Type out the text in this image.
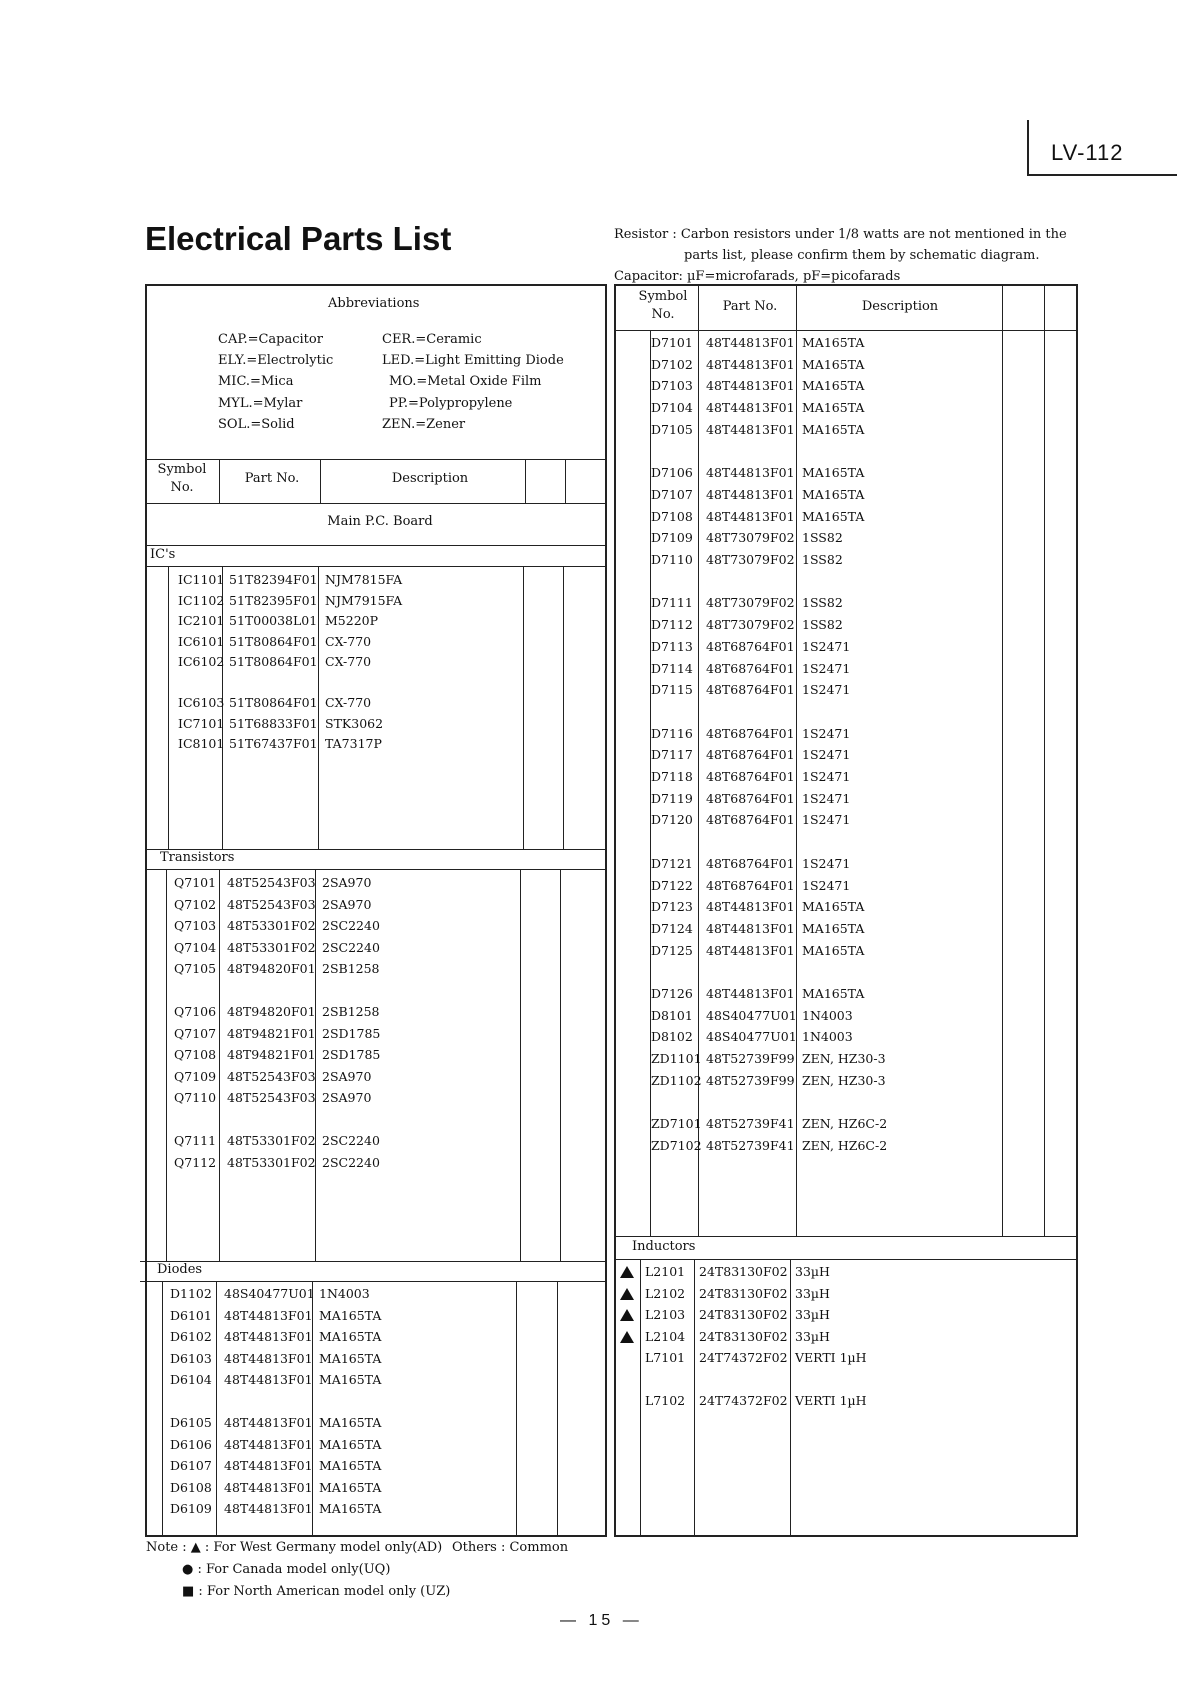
LV-112
Electrical Parts List	Resistor : Carbon resistors under 1/8 watts are not mentioned in the
parts list, please confirm them by schematic diagram.
Capacitor: µF=microfarads, pF=picofarads
Abbreviations
CAP.=Capacitor	CER.=Ceramic
ELY.=Electrolytic	LED.=Light Emitting Diode
MIC.=Mica	MO.=Metal Oxide Film
MYL.=Mylar	PP.=Polypropylene
SOL.=Solid	ZEN.=Zener
Symbol No.
Part No.	Description
Main P.C. Board
IC's
IC1101 51T82394F01 NJM7815FA
IC1102 51T82395F01 NJM7915FA
IC2101 51T00038L01 M5220P
IC6101 51T80864F01 CX-770
IC6102 51T80864F01 CX-770
IC6103 51T80864F01 CX-770
IC7101 51T68833F01 STK3062
IC8101 51T67437F01 TA7317P
Transistors
Q7101 48T52543F03 2SA970
Q7102 48T52543F03 2SA970
Q7103 48T53301F02 2SC2240
Q7104 48T53301F02 2SC2240
Q7105 48T94820F01 2SB1258
Q7106 48T94820F01 2SB1258
Q7107 48T94821F01 2SD1785
Q7108 48T94821F01 2SD1785
Q7109 48T52543F03 2SA970
Q7110 48T52543F03 2SA970
Q7111 48T53301F02 2SC2240
Q7112 48T53301F02 2SC2240
Diodes
D1102 48S40477U01 1N4003
D6101 48T44813F01 MA165TA
D6102 48T44813F01 MA165TA
D6103 48T44813F01 MA165TA
D6104 48T44813F01 MA165TA
D6105 48T44813F01 MA165TA
D6106 48T44813F01 MA165TA
D6107 48T44813F01 MA165TA
D6108 48T44813F01 MA165TA
D6109 48T44813F01 MA165TA
Symbol No.
Part No.	Description
D7101 48T44813F01 MA165TA
D7102 48T44813F01 MA165TA
D7103 48T44813F01 MA165TA
D7104 48T44813F01 MA165TA
D7105 48T44813F01 MA165TA
D7106 48T44813F01 MA165TA
D7107 48T44813F01 MA165TA
D7108 48T44813F01 MA165TA
D7109 48T73079F02 1SS82
D7110 48T73079F02 1SS82
D7111 48T73079F02 1SS82
D7112 48T73079F02 1SS82
D7113 48T68764F01 1S2471
D7114 48T68764F01 1S2471
D7115 48T68764F01 1S2471
D7116 48T68764F01 1S2471
D7117 48T68764F01 1S2471
D7118 48T68764F01 1S2471
D7119 48T68764F01 1S2471
D7120 48T68764F01 1S2471
D7121 48T68764F01 1S2471
D7122 48T68764F01 1S2471
D7123 48T44813F01 MA165TA
D7124 48T44813F01 MA165TA
D7125 48T44813F01 MA165TA
D7126 48T44813F01 MA165TA
D8101 48S40477U01 1N4003
D8102 48S40477U01 1N4003
ZD1101 48T52739F99 ZEN, HZ30-3
ZD1102 48T52739F99 ZEN, HZ30-3
ZD7101 48T52739F41 ZEN, HZ6C-2
ZD7102 48T52739F41 ZEN, HZ6C-2
Inductors
L2101 24T83130F02 33µH
L2102 24T83130F02 33µH
L2103 24T83130F02 33µH
L2104 24T83130F02 33µH
L7101 24T74372F02 VERTI 1µH
L7102 24T74372F02 VERTI 1µH
Note : ▲ : For West Germany model only(AD) Others : Common
● : For Canada model only(UQ)
■ : For North American model only (UZ)
— 15 —
